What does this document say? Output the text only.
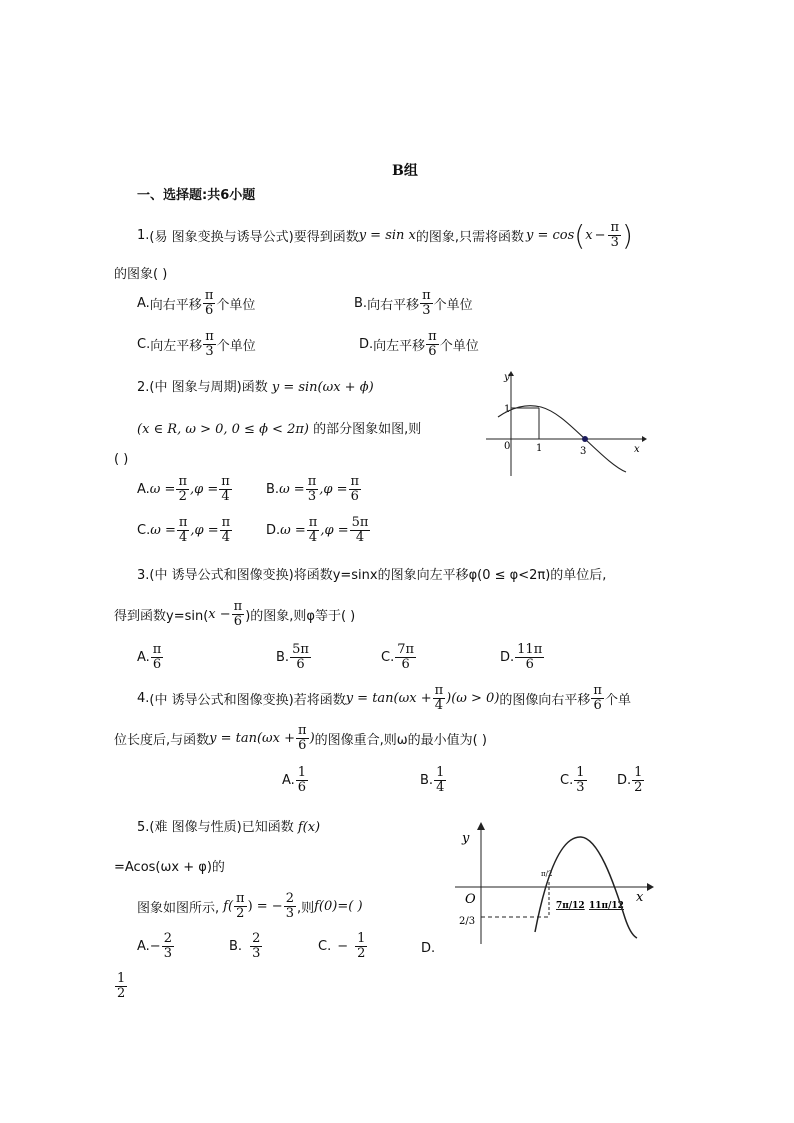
B组
一、选择题:共6小题
1. (易 图象变换与诱导公式) 要得到函数 y = sin x 的图象,只需将函数 y = cos ( $x - \frac{\pi}{3}$ )
的图象( )
A. 向右平移 $\frac{\pi}{6}$ 个单位	B. 向右平移 $\frac{\pi}{3}$ 个单位
C. 向左平移 $\frac{\pi}{3}$ 个单位	D. 向左平移 $\frac{\pi}{6}$ 个单位
2.(中 图象与周期)函数 y = sin(ωx + ϕ)
(x ∈ R, ω > 0, 0 ≤ ϕ < 2π) 的部分图象如图,则
( )
A. $\omega = \frac{\pi}{2} ,\varphi = \frac{\pi}{4}$	B. $\omega = \frac{\pi}{3} ,\varphi = \frac{\pi}{6}$
C. $\omega = \frac{\pi}{4} ,\varphi = \frac{\pi}{4}$	D. $\omega = \frac{\pi}{4} ,\varphi = \frac{5\pi}{4}$
y
x
0
1
1	3
3.(中 诱导公式和图像变换)将函数y=sinx的图象向左平移φ(0 ≤ φ<2π)的单位后,
得到函数y=sin( $x - \frac{\pi}{6}$ )的图象,则φ等于( )
A. $\frac{\pi}{6}$	B. $\frac{5\pi}{6}$	C. $\frac{7\pi}{6}$	D. $\frac{11\pi}{6}$
4. (中 诱导公式和图像变换) 若将函数 $y = \tan(\omega x + \frac{\pi}{4} )(\omega > 0)$ 的图像向右平移 $\frac{\pi}{6}$ 个单
位长度后,与函数 $y = \tan(\omega x + \frac{\pi}{6}$ ) 的图像重合,则ω的最小值为( )
A. $\frac{1}{6}$	B. $\frac{1}{4}$	C. $\frac{1}{3} D$. $\frac{1}{2}$
5.(难 图像与性质)已知函数 f(x)
=Acos(ωx + φ)的
图象如图所示, $f( \frac{\pi}{2}$ ) = − $\frac{2}{3}$ ,则 f(0)=( )
A. − $\frac{2}{3}$	B. $\frac{2}{3}$	C. − $\frac{1}{2}$	D.
$\frac{1}{2}$
y
x
O
π/2
2/3
7π/12 11π/12
